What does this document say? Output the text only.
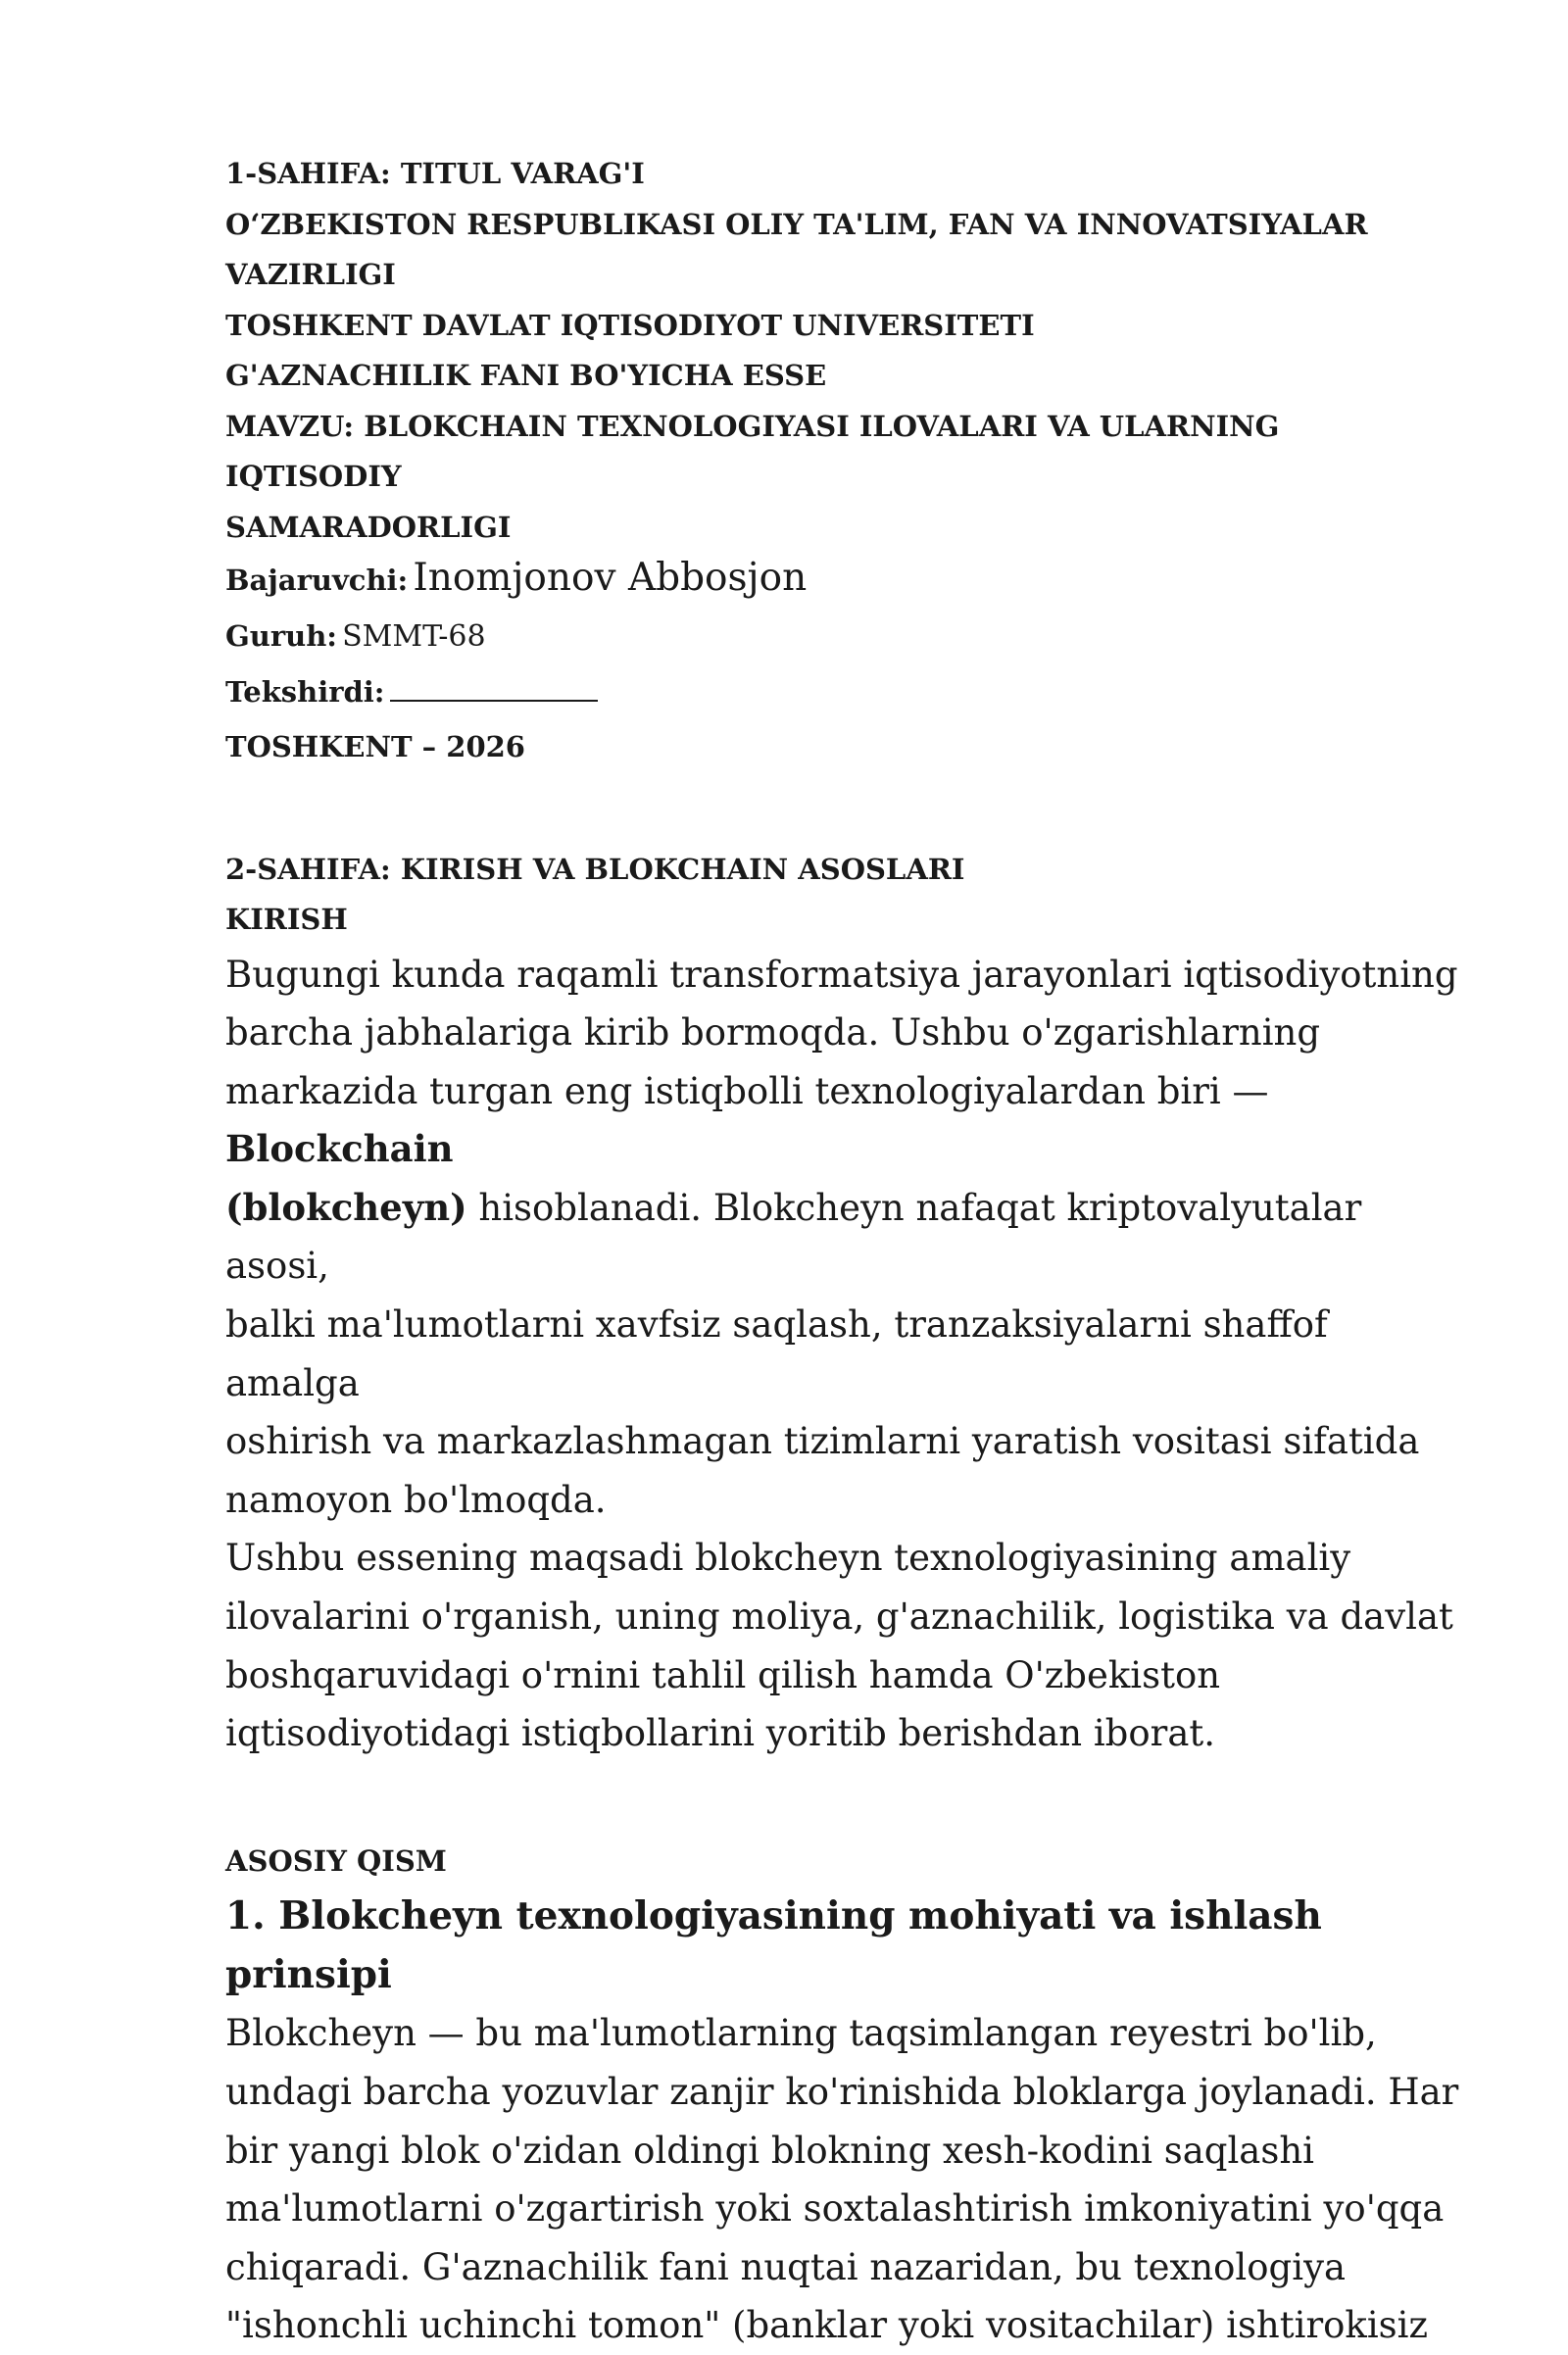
1-SAHIFA: TITUL VARAG'I

O‘ZBEKISTON RESPUBLIKASI OLIY TA'LIM, FAN VA INNOVATSIYALAR

VAZIRLIGI

TOSHKENT DAVLAT IQTISODIYOT UNIVERSITETI

G'AZNACHILIK FANI BO'YICHA ESSE

MAVZU: BLOKCHAIN TEXNOLOGIYASI ILOVALARI VA ULARNING IQTISODIY

SAMARADORLIGI

Bajaruvchi: Inomjonov Abbosjon

Guruh: SMMT-68

Tekshirdi:

TOSHKENT – 2026

2-SAHIFA: KIRISH VA BLOKCHAIN ASOSLARI

KIRISH

Bugungi kunda raqamli transformatsiya jarayonlari iqtisodiyotning

barcha jabhalariga kirib bormoqda. Ushbu o'zgarishlarning

markazida turgan eng istiqbolli texnologiyalardan biri — Blockchain

(blokcheyn) hisoblanadi. Blokcheyn nafaqat kriptovalyutalar asosi,

balki ma'lumotlarni xavfsiz saqlash, tranzaksiyalarni shaffof amalga

oshirish va markazlashmagan tizimlarni yaratish vositasi sifatida

namoyon bo'lmoqda.

Ushbu essening maqsadi blokcheyn texnologiyasining amaliy

ilovalarini o'rganish, uning moliya, g'aznachilik, logistika va davlat

boshqaruvidagi o'rnini tahlil qilish hamda O'zbekiston

iqtisodiyotidagi istiqbollarini yoritib berishdan iborat.

ASOSIY QISM

1. Blokcheyn texnologiyasining mohiyati va ishlash prinsipi

Blokcheyn — bu ma'lumotlarning taqsimlangan reyestri bo'lib,

undagi barcha yozuvlar zanjir ko'rinishida bloklarga joylanadi. Har

bir yangi blok o'zidan oldingi blokning xesh-kodini saqlashi

ma'lumotlarni o'zgartirish yoki soxtalashtirish imkoniyatini yo'qqa

chiqaradi. G'aznachilik fani nuqtai nazaridan, bu texnologiya

"ishonchli uchinchi tomon" (banklar yoki vositachilar) ishtirokisiz
